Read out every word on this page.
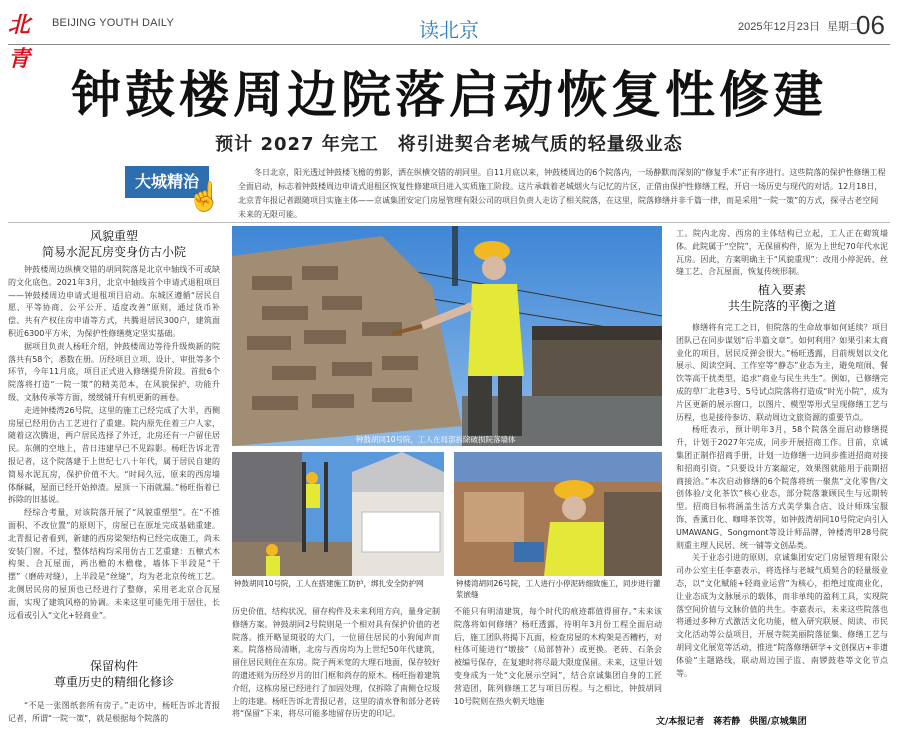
北青
BEIJING YOUTH DAILY	读北京	2025年12月23日 星期二
06
钟鼓楼周边院落启动恢复性修建
预计 2027 年完工　将引进契合老城气质的轻量级业态
大城精治
☝
冬日北京，阳光透过钟鼓楼飞檐的剪影，洒在纵横交错的胡同里。自11月底以来，钟鼓楼周边的6个院落内，一场静默而深刻的“修复手术”正有序进行。这些院落的保护性修缮工程全面启动，标志着钟鼓楼周边申请式退租区恢复性修建项目进入实质施工阶段。这片承载着老城烟火与记忆的片区，正借由保护性修缮工程，开启一场历史与现代的对话。12月18日，北京青年报记者跟随项目实施主体——京诚集团安定门房屋管理有限公司的项目负责人走访了相关院落，在这里，院落修缮并非千篇一律，而是采用“一院一策”的方式，探寻古老空间未来的无限可能。
风貌重塑
简易水泥瓦房变身仿古小院

钟鼓楼周边纵横交错的胡同院落是北京中轴线不可或缺的文化底色。2021年3月，北京中轴线首个申请式退租项目——钟鼓楼周边申请式退租项目启动。东城区遵循“居民自愿、平等协商、公平公开、适度改善”原则，通过货币补偿、共有产权住房申请等方式，共腾退居民300户，建筑面积近6300平方米，为保护性修缮奠定坚实基础。

据项目负责人杨旺介绍，钟鼓楼周边等待升级焕新的院落共有58个，悉数在册。历经项目立项、设计、审批等多个环节，今年11月底，项目正式进入修缮提升阶段。首批6个院落将打造“一院一策”的精美范本，在风貌保护、功能升级、文脉传承等方面，缓缓铺开有机更新的画卷。

走进钟楼湾26号院，这里的施工已经完成了大半，西侧房屋已经用仿古工艺进行了重建。院内原先住着三户人家，随着这次腾退，两户居民选择了外迁，北房还有一户留住居民。东侧的空地上，昔日违建早已不见踪影。杨旺告诉北青报记者，这个院落建于上世纪七八十年代，属于居民自建的简易水泥瓦房，保护价值不大。“时间久远，原来的西房墙体酥碱，屋面已经开始掉渣。屋顶一下雨就漏。”杨旺指着已拆除的旧基说。

经综合考量，对该院落开展了“风貌重塑型”。在“不推面积、不改位置”的原则下，房屋已在原址完成基础重建。北青报记者看到，新建的西房梁架结构已经完成施工，尚未安装门窗。不过，整体结构均采用仿古工艺重建：五檩式木构架、合瓦屋面，两出檐的木檐椽，墙体下半段是“干摆”（磨砖对缝），上半段是“丝缝”，均为老北京传统工艺。北侧居民房的屋顶也已经进行了整修，采用老北京合瓦屋面，实现了建筑风格的协调。未来这里可能先用于居住，长远看或引入“文化+轻商业”。

保留构件
尊重历史的精细化修诊

“不是一张图纸套所有房子。”走访中，杨旺告诉北青报记者，所谓“一院一策”，就是根据每个院落的

钟鼓胡同10号院，工人在局部拆除破损院落墙体
钟鼓胡同10号院，工人在搭建施工防护，绑扎安全防护网	钟楼湾胡同26号院，工人进行小停泥砖细致施工，同步进行灌浆嵌缝

历史价值、结构状况、留存构件及未来利用方向，量身定制修缮方案。钟鼓胡同2号院则是一个相对具有保护价值的老院落。推开略显斑驳的大门，一位留住居民的小狗闻声而来。院落格局清晰，北房与西房均为上世纪50年代建筑，留住居民则住在东房。院子两米宽的大理石地面，保存较好的遗迹则为历经岁月的旧门框和尚存的原木。杨旺指着建筑介绍，这栋房屋已经进行了加固处理，仅拆除了南侧仓垃圾上的违建。杨旺告诉北青报记者，这里的清水脊和部分老砖将“保留”下来，将尽可能多地留存历史的印记。

不能只有明清建筑，每个时代的痕迹都值得留存。”未来该院落将如何修缮？杨旺透露，待明年3月份工程全面启动后，施工团队将揭下瓦面，检查房屋的木构架是否糟朽，对柱体可能进行“墩接”（局部替补）或更换。老砖、石条会被编号保存，在复建时将尽最大限度保留。未来，这里计划变身成为一处“文化展示空间”，结合京诚集团自身的工匠营造团，陈列修缮工艺与项目历程。与之相比，钟鼓胡同10号院则在热火朝天地施

工。院内北房、西房的主体结构已立起，工人正在砌筑墙体。此院属于“空院”，无保留构件，原为上世纪70年代水泥瓦房。因此，方案明确主于“风貌重现”：改用小停泥砖、丝缝工艺、合瓦屋面，恢复传统形制。

植入要素
共生院落的平衡之道

修缮将有完工之日，但院落的生命故事如何延续？项目团队已在同步谋划“后半篇文章”。如何利用？如果引来太商业化的项目，居民反弹会很大。”杨旺透露，目前规划以文化展示、阅读空间、工作室等“静态”业态为主，避免喧闹、餐饮等高干扰类型，追求“商业与民生共生”。例如，已修缮完成的草厂北巷3号、5号试点院落将打造成“时光小院”，成为片区更新的展示窗口，以图片、模型等形式呈现修缮工艺与历程，也是接待参访、联动周边文旅资源的重要节点。

杨旺表示，预计明年3月，58个院落全面启动修缮提升，计划于2027年完成，同步开展招商工作。目前，京诚集团正制作招商手册，计划一边修缮一边同步推进招商对接和招商引资。“只要设计方案敲定，效果图就能用于前期招商接洽。”本次启动修缮的6个院落将统一聚焦“文化零售/文创体验/文化茶饮”核心业态，部分院落兼顾民生与远期转型。招商目标将涵盖生活方式美学集合店、设计师珠宝服饰、香薰日化、咖啡茶饮等，如钟鼓湾胡同10号院定向引入UMAWANG、Songmont等设计师品牌，钟楼湾甲28号院则重主理人民居、统一铺等文创品类。

关于业态引进的原则，京诚集团安定门房屋管理有限公司办公室主任李嘉表示，将选择与老城气质契合的轻量级业态，以“文化赋能+轻商业运营”为核心，拒绝过度商业化，让业态成为文脉展示的载体，而非单纯的盈利工具，实现院落空间价值与文脉价值的共生。李嘉表示，未来这些院落也将通过多种方式激活文化功能，植入研究联展、阅读、市民文化活动等公益项目，开展寺院美丽院落征集、修缮工艺与胡同文化展览等活动，推进“院落修缮研学+文创探店+非遗体验”主题路线，联动周边国子监、南锣鼓巷等文化节点等。

文/本报记者　蒋若静　供图/京城集团
